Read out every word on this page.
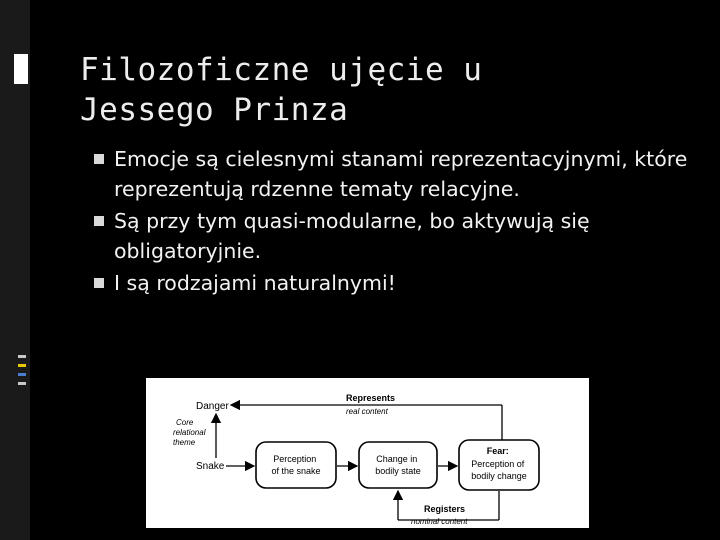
Filozoficzne ujęcie u
Jessego Prinza
Emocje są cielesnymi stanami reprezentacyjnymi, które reprezentują rdzenne tematy relacyjne.
Są przy tym quasi-modularne, bo aktywują się obligatoryjnie.
I są rodzajami naturalnymi!
Danger
Core relational theme
Snake
Represents
real content
Perception of the snake
Change in bodily state
Fear: Perception of bodily change
Registers
nominal content
